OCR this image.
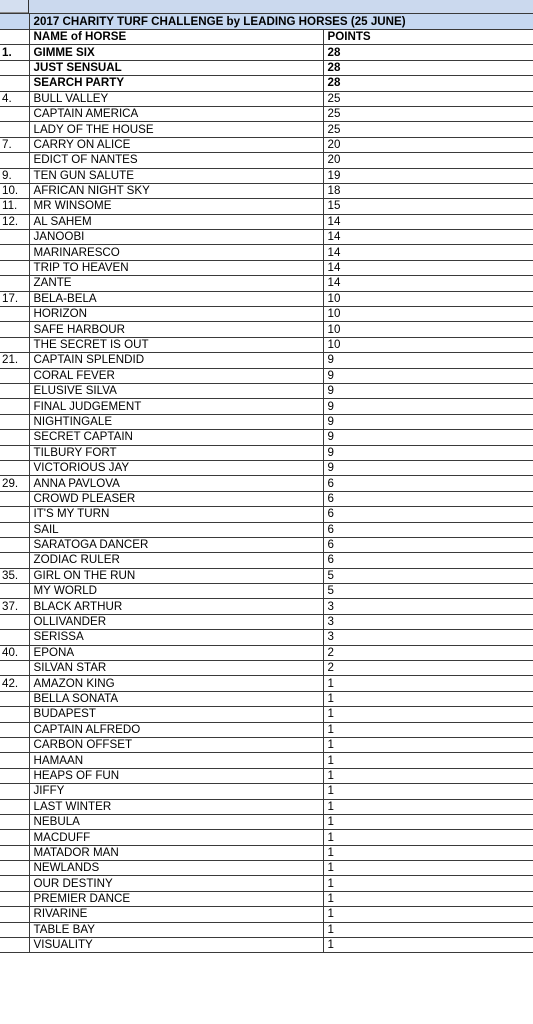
	2017 CHARITY TURF CHALLENGE by LEADING HORSES (25 JUNE)	
	NAME of HORSE	POINTS
1.	GIMME SIX	28
	JUST SENSUAL	28
	SEARCH PARTY	28
4.	BULL VALLEY	25
	CAPTAIN AMERICA	25
	LADY OF THE HOUSE	25
7.	CARRY ON ALICE	20
	EDICT OF NANTES	20
9.	TEN GUN SALUTE	19
10.	AFRICAN NIGHT SKY	18
11.	MR WINSOME	15
12.	AL SAHEM	14
	JANOOBI	14
	MARINARESCO	14
	TRIP TO HEAVEN	14
	ZANTE	14
17.	BELA-BELA	10
	HORIZON	10
	SAFE HARBOUR	10
	THE SECRET IS OUT	10
21.	CAPTAIN SPLENDID	9
	CORAL FEVER	9
	ELUSIVE SILVA	9
	FINAL JUDGEMENT	9
	NIGHTINGALE	9
	SECRET CAPTAIN	9
	TILBURY FORT	9
	VICTORIOUS JAY	9
29.	ANNA PAVLOVA	6
	CROWD PLEASER	6
	IT'S MY TURN	6
	SAIL	6
	SARATOGA DANCER	6
	ZODIAC RULER	6
35.	GIRL ON THE RUN	5
	MY WORLD	5
37.	BLACK ARTHUR	3
	OLLIVANDER	3
	SERISSA	3
40.	EPONA	2
	SILVAN STAR	2
42.	AMAZON KING	1
	BELLA SONATA	1
	BUDAPEST	1
	CAPTAIN ALFREDO	1
	CARBON OFFSET	1
	HAMAAN	1
	HEAPS OF FUN	1
	JIFFY	1
	LAST WINTER	1
	NEBULA	1
	MACDUFF	1
	MATADOR MAN	1
	NEWLANDS	1
	OUR DESTINY	1
	PREMIER DANCE	1
	RIVARINE	1
	TABLE BAY	1
	VISUALITY	1
